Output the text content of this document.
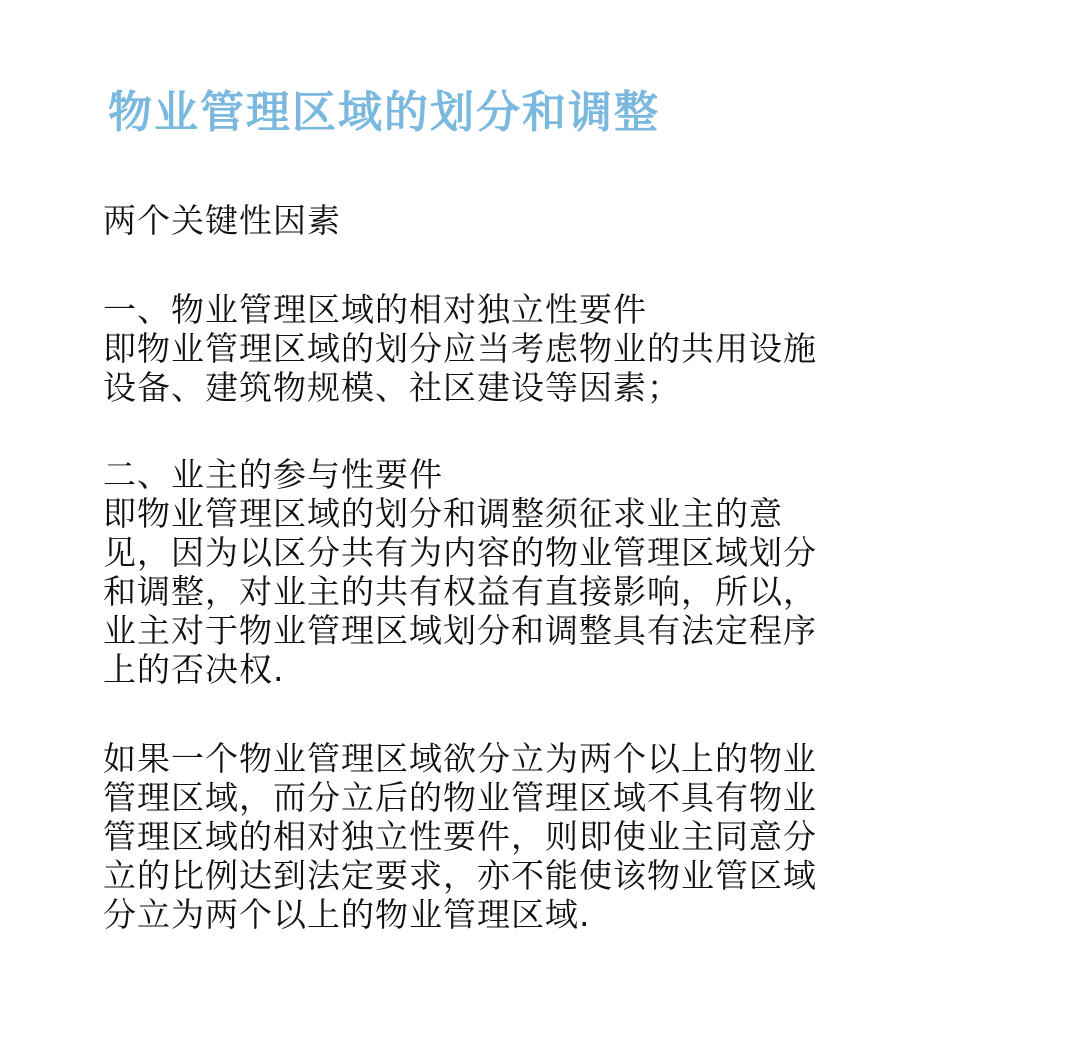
物业管理区域的划分和调整
两个关键性因素
一、物业管理区域的相对独立性要件
即物业管理区域的划分应当考虑物业的共用设施
设备、建筑物规模、社区建设等因素；
二、业主的参与性要件
即物业管理区域的划分和调整须征求业主的意
见，因为以区分共有为内容的物业管理区域划分
和调整，对业主的共有权益有直接影响，所以，
业主对于物业管理区域划分和调整具有法定程序
上的否决权.
如果一个物业管理区域欲分立为两个以上的物业
管理区域，而分立后的物业管理区域不具有物业
管理区域的相对独立性要件，则即使业主同意分
立的比例达到法定要求，亦不能使该物业管区域
分立为两个以上的物业管理区域.
